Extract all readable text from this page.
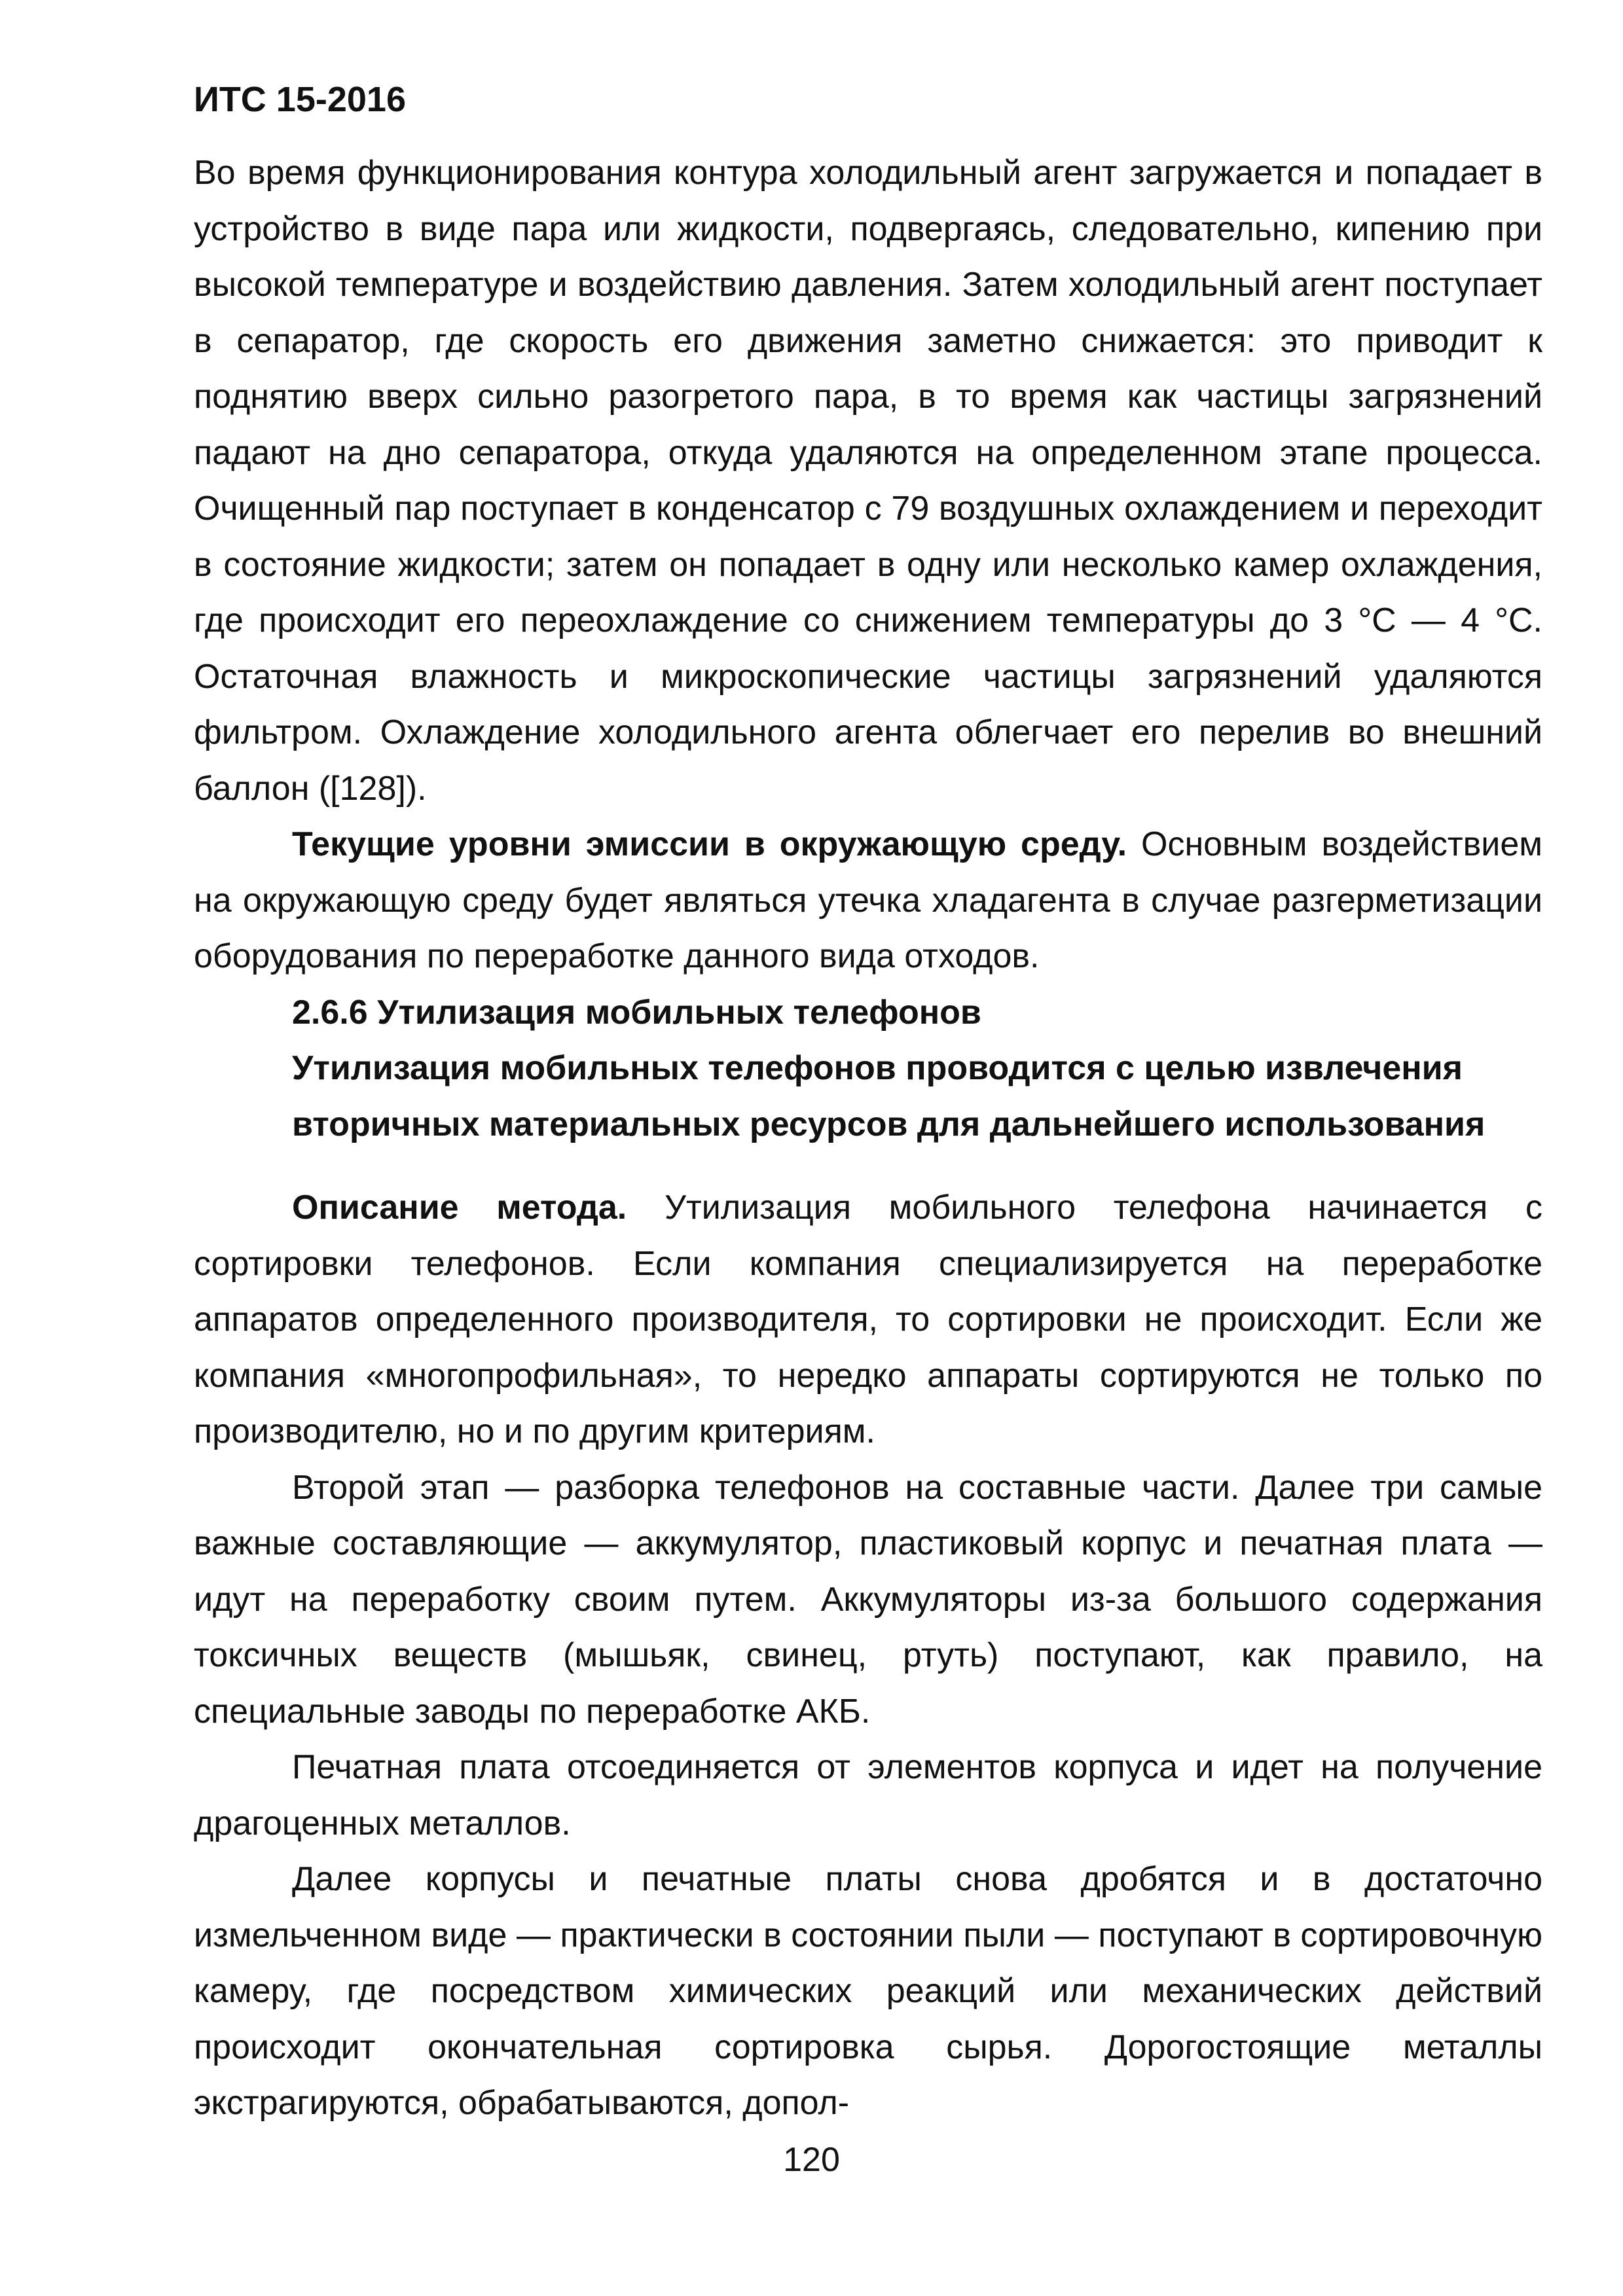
ИТС 15-2016

Во время функционирования контура холодильный агент загружается и попадает в устройство в виде пара или жидкости, подвергаясь, следовательно, кипению при высокой температуре и воздействию давления. Затем холодильный агент поступает в сепаратор, где скорость его движения заметно снижается: это приводит к поднятию вверх сильно разогретого пара, в то время как частицы загрязнений падают на дно сепаратора, откуда удаляются на определенном этапе процесса. Очищенный пар поступает в конденсатор с 79 воздушных охлаждением и переходит в состояние жидкости; затем он попадает в одну или несколько камер охлаждения, где происходит его переохлаждение со снижением температуры до 3 °С — 4 °С. Остаточная влажность и микроскопические частицы загрязнений удаляются фильтром. Охлаждение холодильного агента облегчает его перелив во внешний баллон ([128]).

Текущие уровни эмиссии в окружающую среду. Основным воздействием на окружающую среду будет являться утечка хладагента в случае разгерметизации оборудования по переработке данного вида отходов.

2.6.6 Утилизация мобильных телефонов

Утилизация мобильных телефонов проводится с целью извлечения
вторичных материальных ресурсов для дальнейшего использования

Описание метода. Утилизация мобильного телефона начинается с сортировки телефонов. Если компания специализируется на переработке аппаратов определенного производителя, то сортировки не происходит. Если же компания «многопрофильная», то нередко аппараты сортируются не только по производителю, но и по другим критериям.

Второй этап — разборка телефонов на составные части. Далее три самые важные составляющие — аккумулятор, пластиковый корпус и печатная плата — идут на переработку своим путем. Аккумуляторы из-за большого содержания токсичных веществ (мышьяк, свинец, ртуть) поступают, как правило, на специальные заводы по переработке АКБ.

Печатная плата отсоединяется от элементов корпуса и идет на получение драгоценных металлов.

Далее корпусы и печатные платы снова дробятся и в достаточно измельченном виде — практически в состоянии пыли — поступают в сортировочную камеру, где посредством химических реакций или механических действий происходит окончательная сортировка сырья. Дорогостоящие металлы экстрагируются, обрабатываются, допол-

120
